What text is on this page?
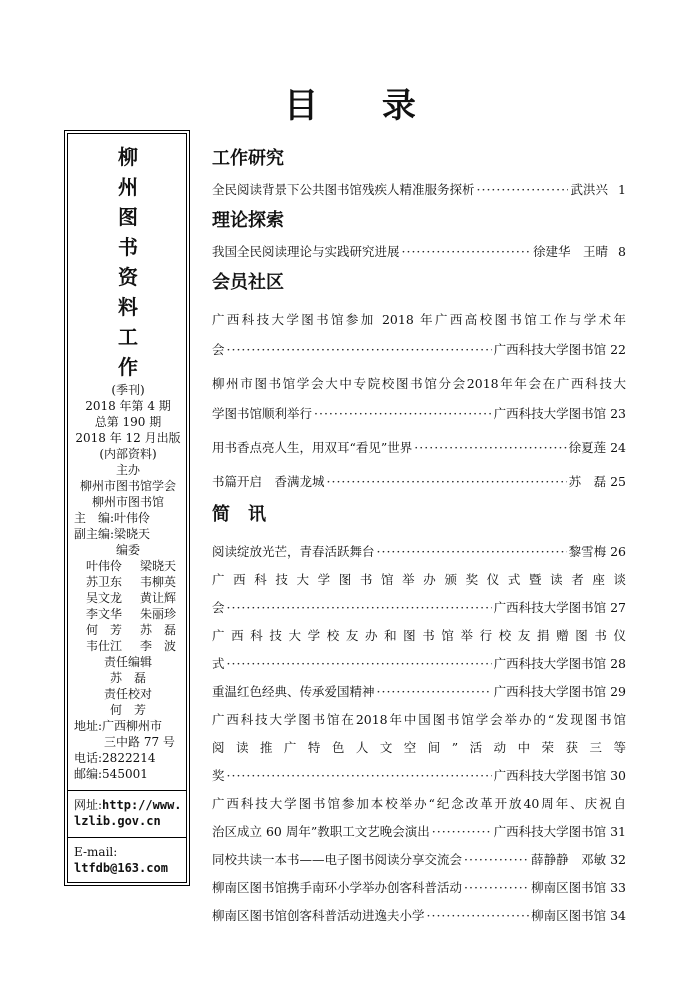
目 录
柳
州
图
书
资
料
工
作
(季刊)
2018 年第 4 期
总第 190 期
2018 年 12 月出版
(内部资料)
主办
柳州市图书馆学会
柳州市图书馆
主　编: 叶伟伶
副主编: 梁晓天
编委
叶伟伶 梁晓天
苏卫东 韦柳英
吴文龙 黄让辉
李文华 朱丽珍
何　芳 苏　磊
韦仕江 李　波
责任编辑
苏　磊
责任校对
何　芳
地址: 广西柳州市
三中路 77 号
电话: 2822214
邮编: 545001
网址: http://www.
lzlib.gov.cn
E-mail:
ltfdb@163.com
工作研究
全民阅读背景下公共图书馆残疾人精准服务探析 ·····	武洪兴 1
理论探索
我国全民阅读理论与实践研究进展 ·····	徐建华　王晴 8
会员社区
广西科技大学图书馆参加 2018 年广西高校图书馆工作与学术年
会 ·····	广西科技大学图书馆 22
柳州市图书馆学会大中专院校图书馆分会2018年年会在广西科技大
学图书馆顺利举行 ·····	广西科技大学图书馆 23
用书香点亮人生，用双耳“看见”世界 ·····	徐夏莲 24
书篇开启　香满龙城 ·····	苏　磊 25
简　讯
阅读绽放光芒，青春活跃舞台 ·····	黎雪梅 26
广西科技大学图书馆举办颁奖仪式暨读者座谈
会 ·····	广西科技大学图书馆 27
广西科技大学校友办和图书馆举行校友捐赠图书仪
式 ·····	广西科技大学图书馆 28
重温红色经典、传承爱国精神 ·····	广西科技大学图书馆 29
广西科技大学图书馆在2018年中国图书馆学会举办的“发现图书馆
阅读推广特色人文空间”活动中荣获三等
奖 ·····	广西科技大学图书馆 30
广西科技大学图书馆参加本校举办“纪念改革开放40周年、庆祝自
治区成立 60 周年”教职工文艺晚会演出 ·····	广西科技大学图书馆 31
同校共读一本书——电子图书阅读分享交流会 ·····	薛静静　邓敏 32
柳南区图书馆携手南环小学举办创客科普活动 ·····	柳南区图书馆 33
柳南区图书馆创客科普活动进逸夫小学 ·····	柳南区图书馆 34
